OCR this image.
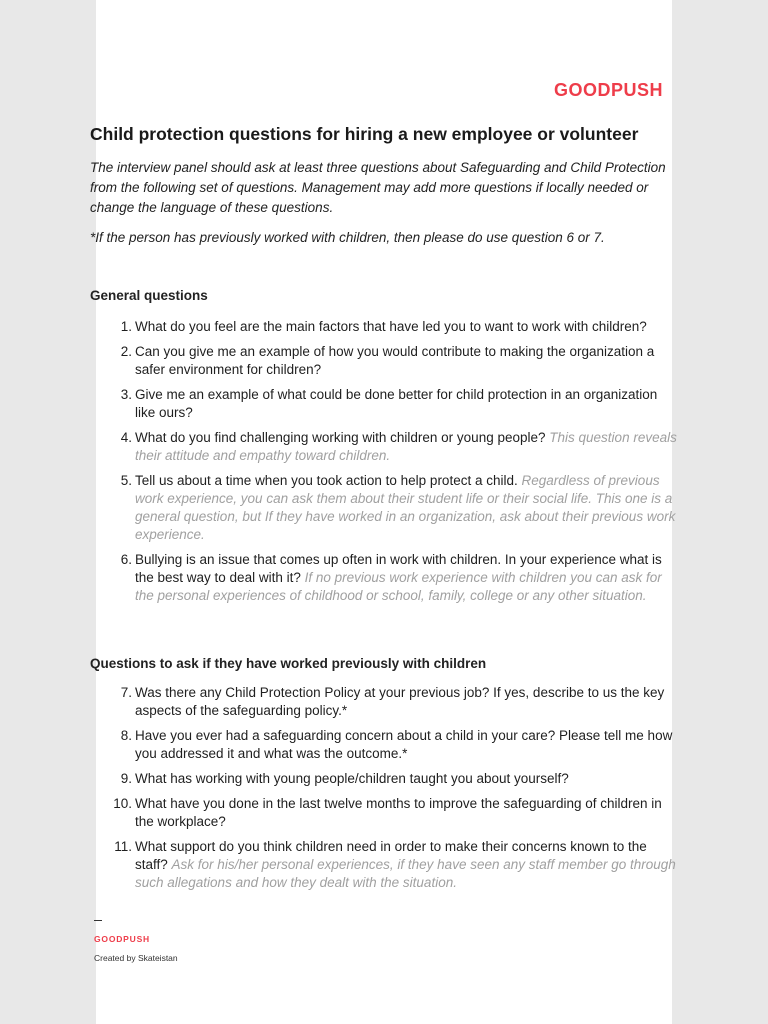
GOODPUSH
Child protection questions for hiring a new employee or volunteer

The interview panel should ask at least three questions about Safeguarding and Child Protection from the following set of questions. Management may add more questions if locally needed or change the language of these questions.

*If the person has previously worked with children, then please do use question 6 or 7.

General questions
1. What do you feel are the main factors that have led you to want to work with children?
2. Can you give me an example of how you would contribute to making the organization a safer environment for children?
3. Give me an example of what could be done better for child protection in an organization like ours?
4. What do you find challenging working with children or young people? This question reveals their attitude and empathy toward children.
5. Tell us about a time when you took action to help protect a child. Regardless of previous work experience, you can ask them about their student life or their social life. This one is a general question, but If they have worked in an organization, ask about their previous work experience.
6. Bullying is an issue that comes up often in work with children. In your experience what is the best way to deal with it? If no previous work experience with children you can ask for the personal experiences of childhood or school, family, college or any other situation.
Questions to ask if they have worked previously with children
7. Was there any Child Protection Policy at your previous job? If yes, describe to us the key aspects of the safeguarding policy.*
8. Have you ever had a safeguarding concern about a child in your care? Please tell me how you addressed it and what was the outcome.*
9. What has working with young people/children taught you about yourself?
10. What have you done in the last twelve months to improve the safeguarding of children in the workplace?
11. What support do you think children need in order to make their concerns known to the staff? Ask for his/her personal experiences, if they have seen any staff member go through such allegations and how they dealt with the situation.
GOODPUSH
Created by Skateistan
